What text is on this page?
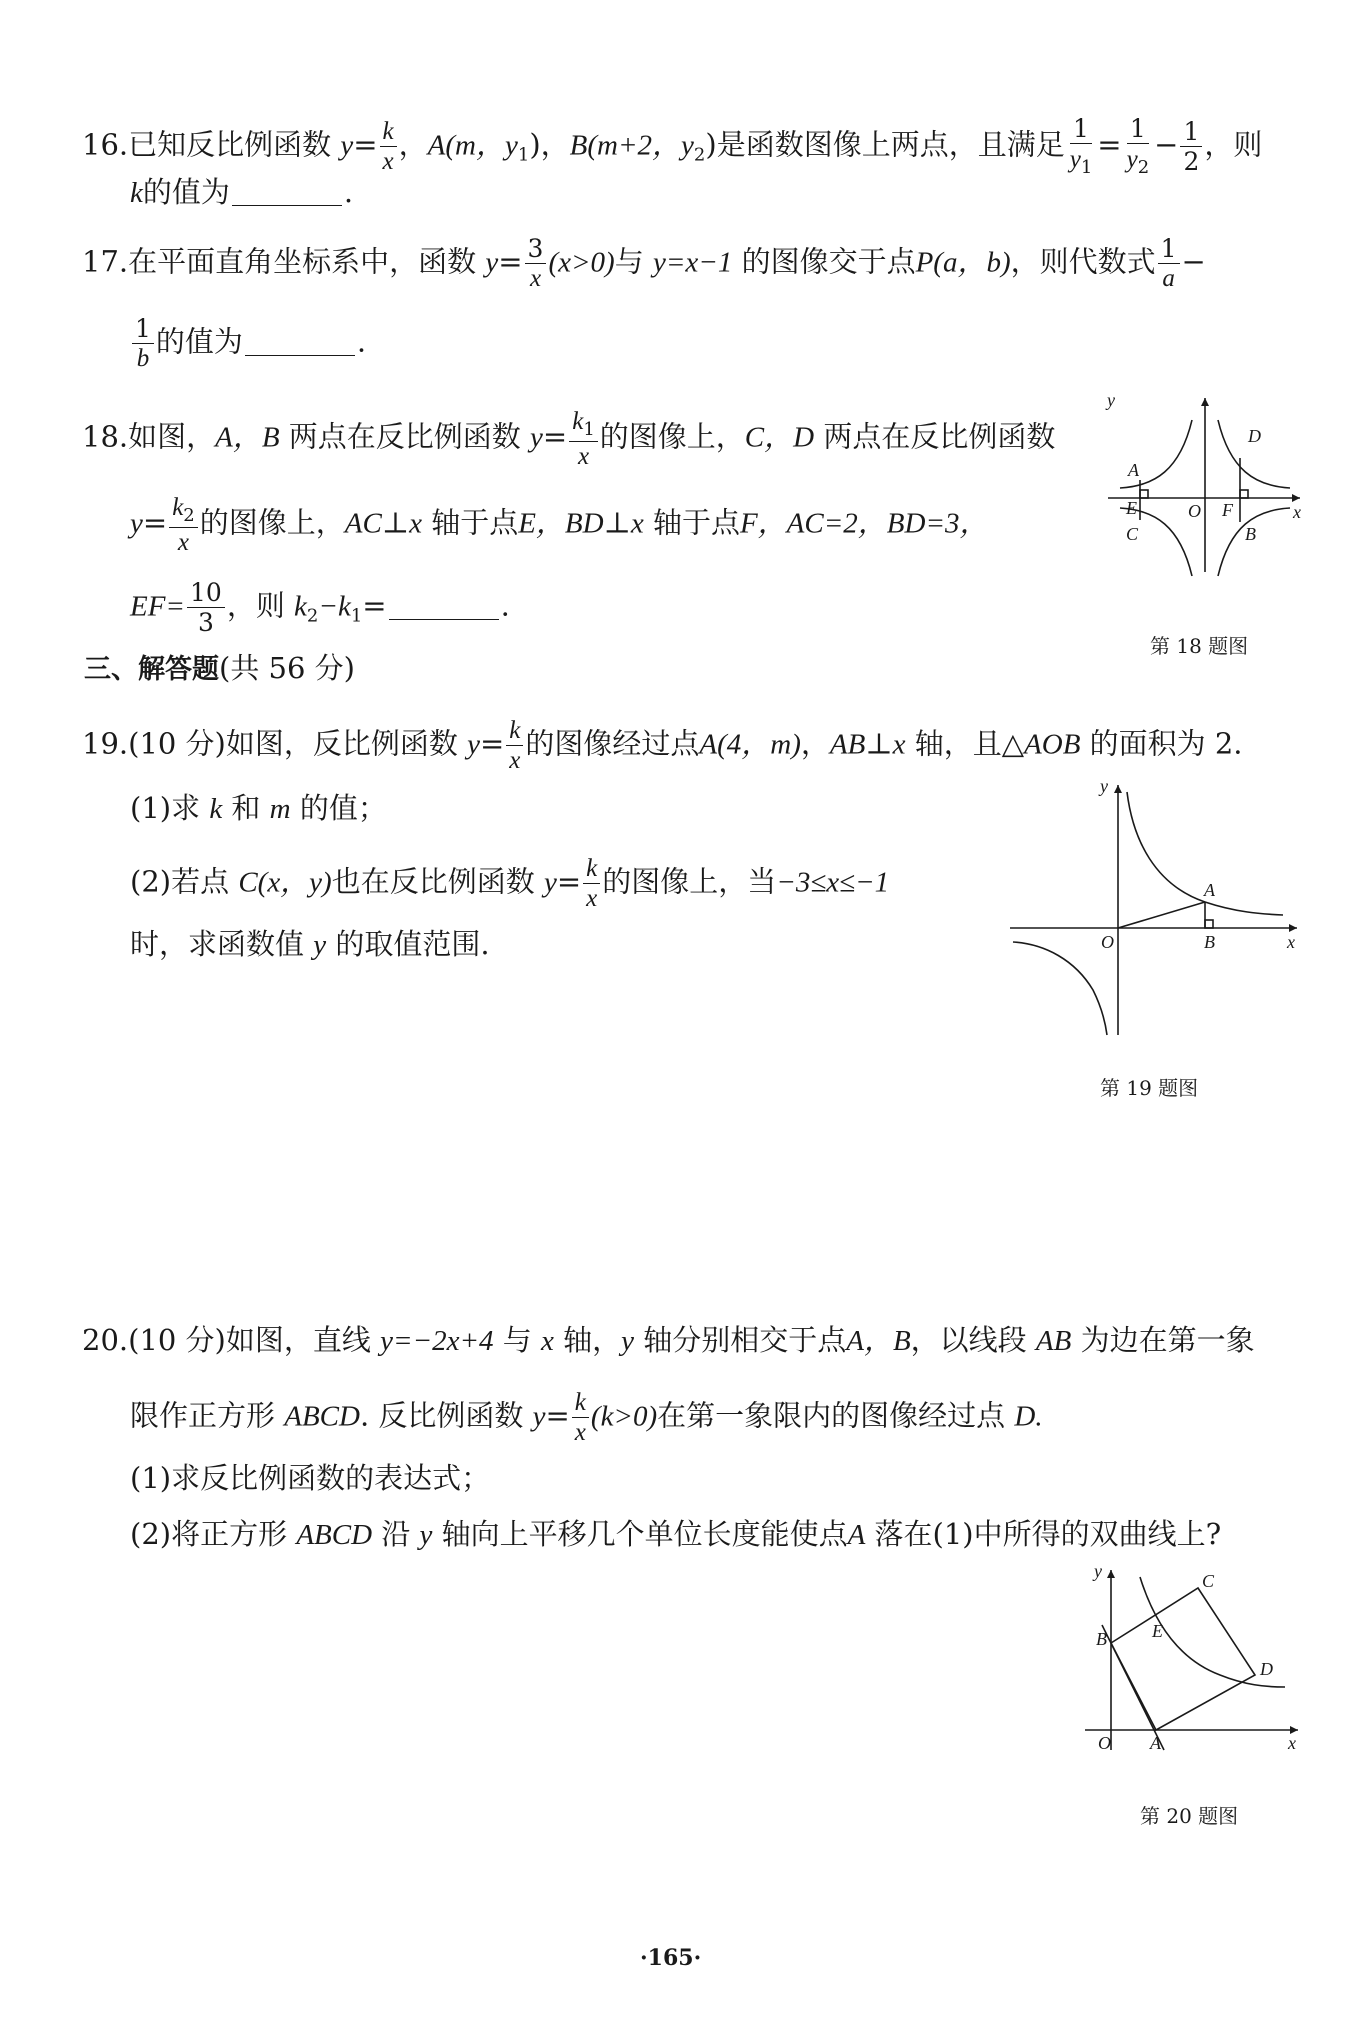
16.已知反比例函数 $y= \frac{k}{x}$ ，A(m，$y_1$)，B(m+2，$y_2$)是函数图像上两点，且满足 $\frac{1}{y_1} = \frac{1}{y_2} - \frac{1}{2}$ ，则
k的值为	.
17.在平面直角坐标系中，函数 $y= \frac{3}{x} (x>0)$与 y=x−1 的图像交于点P(a，b)，则代数式 $\frac{1}{a}$ −
$\frac{1}{b}$ 的值为	.
18.如图，A，B 两点在反比例函数 $y= \frac{k_1}{x}$ 的图像上，C，D 两点在反比例函数
$y= \frac{k_2}{x}$ 的图像上，AC⊥x 轴于点E，BD⊥x 轴于点F，AC=2，BD=3，
$EF= \frac{10}{3}$ ，则 $k_2-k_1=$	.
y
x
O
A
E
C
D
F
B
第 18 题图
三、解答题(共 56 分)
19.(10 分)如图，反比例函数 $y= \frac{k}{x}$ 的图像经过点A(4，m)，AB⊥x 轴，且△AOB 的面积为 2.
(1)求 k 和 m 的值；
(2)若点 C(x，y)也在反比例函数 $y= \frac{k}{x}$ 的图像上，当−3≤x≤−1
时，求函数值 y 的取值范围.
y
x
O
A
B
第 19 题图
20.(10 分)如图，直线 y=−2x+4 与 x 轴，y 轴分别相交于点A，B，以线段 AB 为边在第一象
限作正方形 ABCD. 反比例函数 $y= \frac{k}{x} (k>0)$在第一象限内的图像经过点 D.
(1)求反比例函数的表达式；
(2)将正方形 ABCD 沿 y 轴向上平移几个单位长度能使点A 落在(1)中所得的双曲线上?
y
x
O A
B
C
D
E
第 20 题图
·165·
